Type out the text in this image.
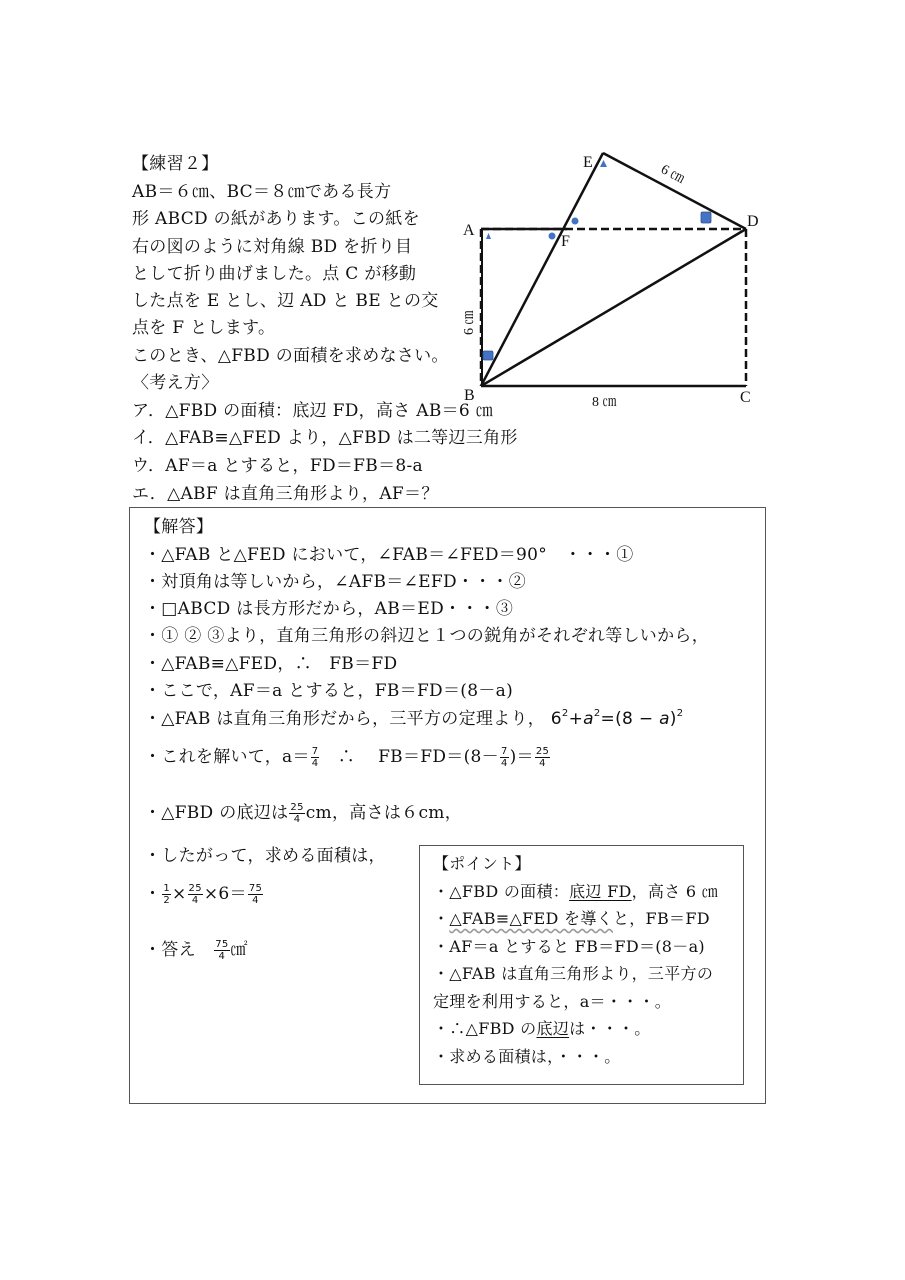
【練習２】
AB＝６㎝、BC＝８㎝である長方
形 ABCD の紙があります。この紙を
右の図のように対角線 BD を折り目
として折り曲げました。点 C が移動
した点を E とし、辺 AD と BE との交
点を F とします。
このとき、△FBD の面積を求めなさい。
〈考え方〉
ア．△FBD の面積：底辺 FD，高さ AB＝6 ㎝
イ．△FAB≡△FED より，△FBD は二等辺三角形
ウ．AF＝a とすると，FD＝FB＝8-a
エ．△ABF は直角三角形より，AF＝？
E
A
F
D
B	C
6 ㎝
6 ㎝
8 ㎝
【解答】
・△FAB と△FED において，∠FAB＝∠FED＝90°　・・・①
・対頂角は等しいから，∠AFB＝∠EFD・・・②
・□ABCD は長方形だから，AB＝ED・・・③
・① ② ③より，直角三角形の斜辺と１つの鋭角がそれぞれ等しいから，
・△FAB≡△FED，∴　FB＝FD
・ここで，AF＝a とすると，FB＝FD＝(8－a)
・△FAB は直角三角形だから，三平方の定理より， $6^2+a^2=(8 - a)^2$
・これを解いて，$a= \frac{7}{4}$ 　∴　 $FB=FD=(8- \frac{7}{4}$ )＝ $\frac{25}{4}$
・△FBD の底辺は $\frac{25}{4}$ cm，高さは６cm，
・したがって，求める面積は，
・ $\frac{1}{2} \times \frac{25}{4} \times 6= \frac{75}{4}$
・答え　 $\frac{75}{4}$ ㎠
【ポイント】
・△FBD の面積：底辺 FD，高さ 6 ㎝
・△FAB≡△FED を導くと，FB＝FD
・AF＝a とすると FB＝FD＝(8－a)
・△FAB は直角三角形より，三平方の
定理を利用すると，a＝・・・。
・∴△FBD の底辺は・・・。
・求める面積は，・・・。
